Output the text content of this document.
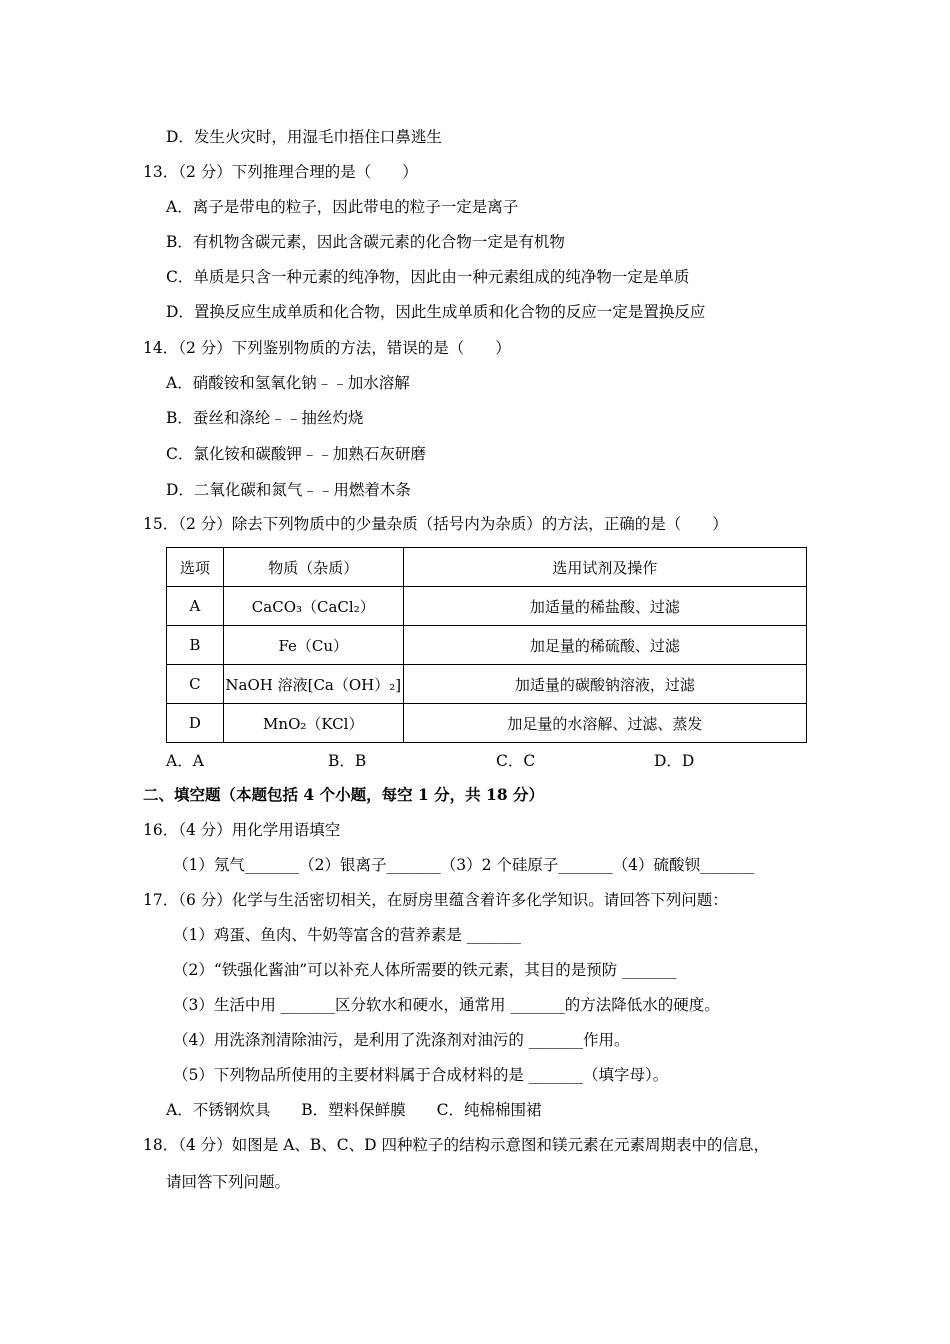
D．发生火灾时，用湿毛巾捂住口鼻逃生
13．（2 分）下列推理合理的是（　　）
A．离子是带电的粒子，因此带电的粒子一定是离子
B．有机物含碳元素，因此含碳元素的化合物一定是有机物
C．单质是只含一种元素的纯净物，因此由一种元素组成的纯净物一定是单质
D．置换反应生成单质和化合物，因此生成单质和化合物的反应一定是置换反应
14．（2 分）下列鉴别物质的方法，错误的是（　　）
A．硝酸铵和氢氧化钠﹣﹣加水溶解
B．蚕丝和涤纶﹣﹣抽丝灼烧
C．氯化铵和碳酸钾﹣﹣加熟石灰研磨
D．二氧化碳和氮气﹣﹣用燃着木条
15．（2 分）除去下列物质中的少量杂质（括号内为杂质）的方法，正确的是（　　）
选项	物质（杂质）	选用试剂及操作
A	CaCO₃（CaCl₂）	加适量的稀盐酸、过滤
B	Fe（Cu）	加足量的稀硫酸、过滤
C	NaOH 溶液[Ca（OH）₂]	加适量的碳酸钠溶液，过滤
D	MnO₂（KCl）	加足量的水溶解、过滤、蒸发
A．A	B．B	C．C	D．D
二、填空题（本题包括 4 个小题，每空 1 分，共 18 分）
16．（4 分）用化学用语填空
（1）氖气_______（2）银离子_______（3）2 个硅原子_______（4）硫酸钡_______
17．（6 分）化学与生活密切相关，在厨房里蕴含着许多化学知识。请回答下列问题：
（1）鸡蛋、鱼肉、牛奶等富含的营养素是 _______
（2）“铁强化酱油”可以补充人体所需要的铁元素，其目的是预防 _______
（3）生活中用 _______区分软水和硬水，通常用 _______的方法降低水的硬度。
（4）用洗涤剂清除油污，是利用了洗涤剂对油污的 _______作用。
（5）下列物品所使用的主要材料属于合成材料的是 _______（填字母）。
A．不锈钢炊具　　B．塑料保鲜膜　　C．纯棉棉围裙
18．（4 分）如图是 A、B、C、D 四种粒子的结构示意图和镁元素在元素周期表中的信息，
请回答下列问题。
